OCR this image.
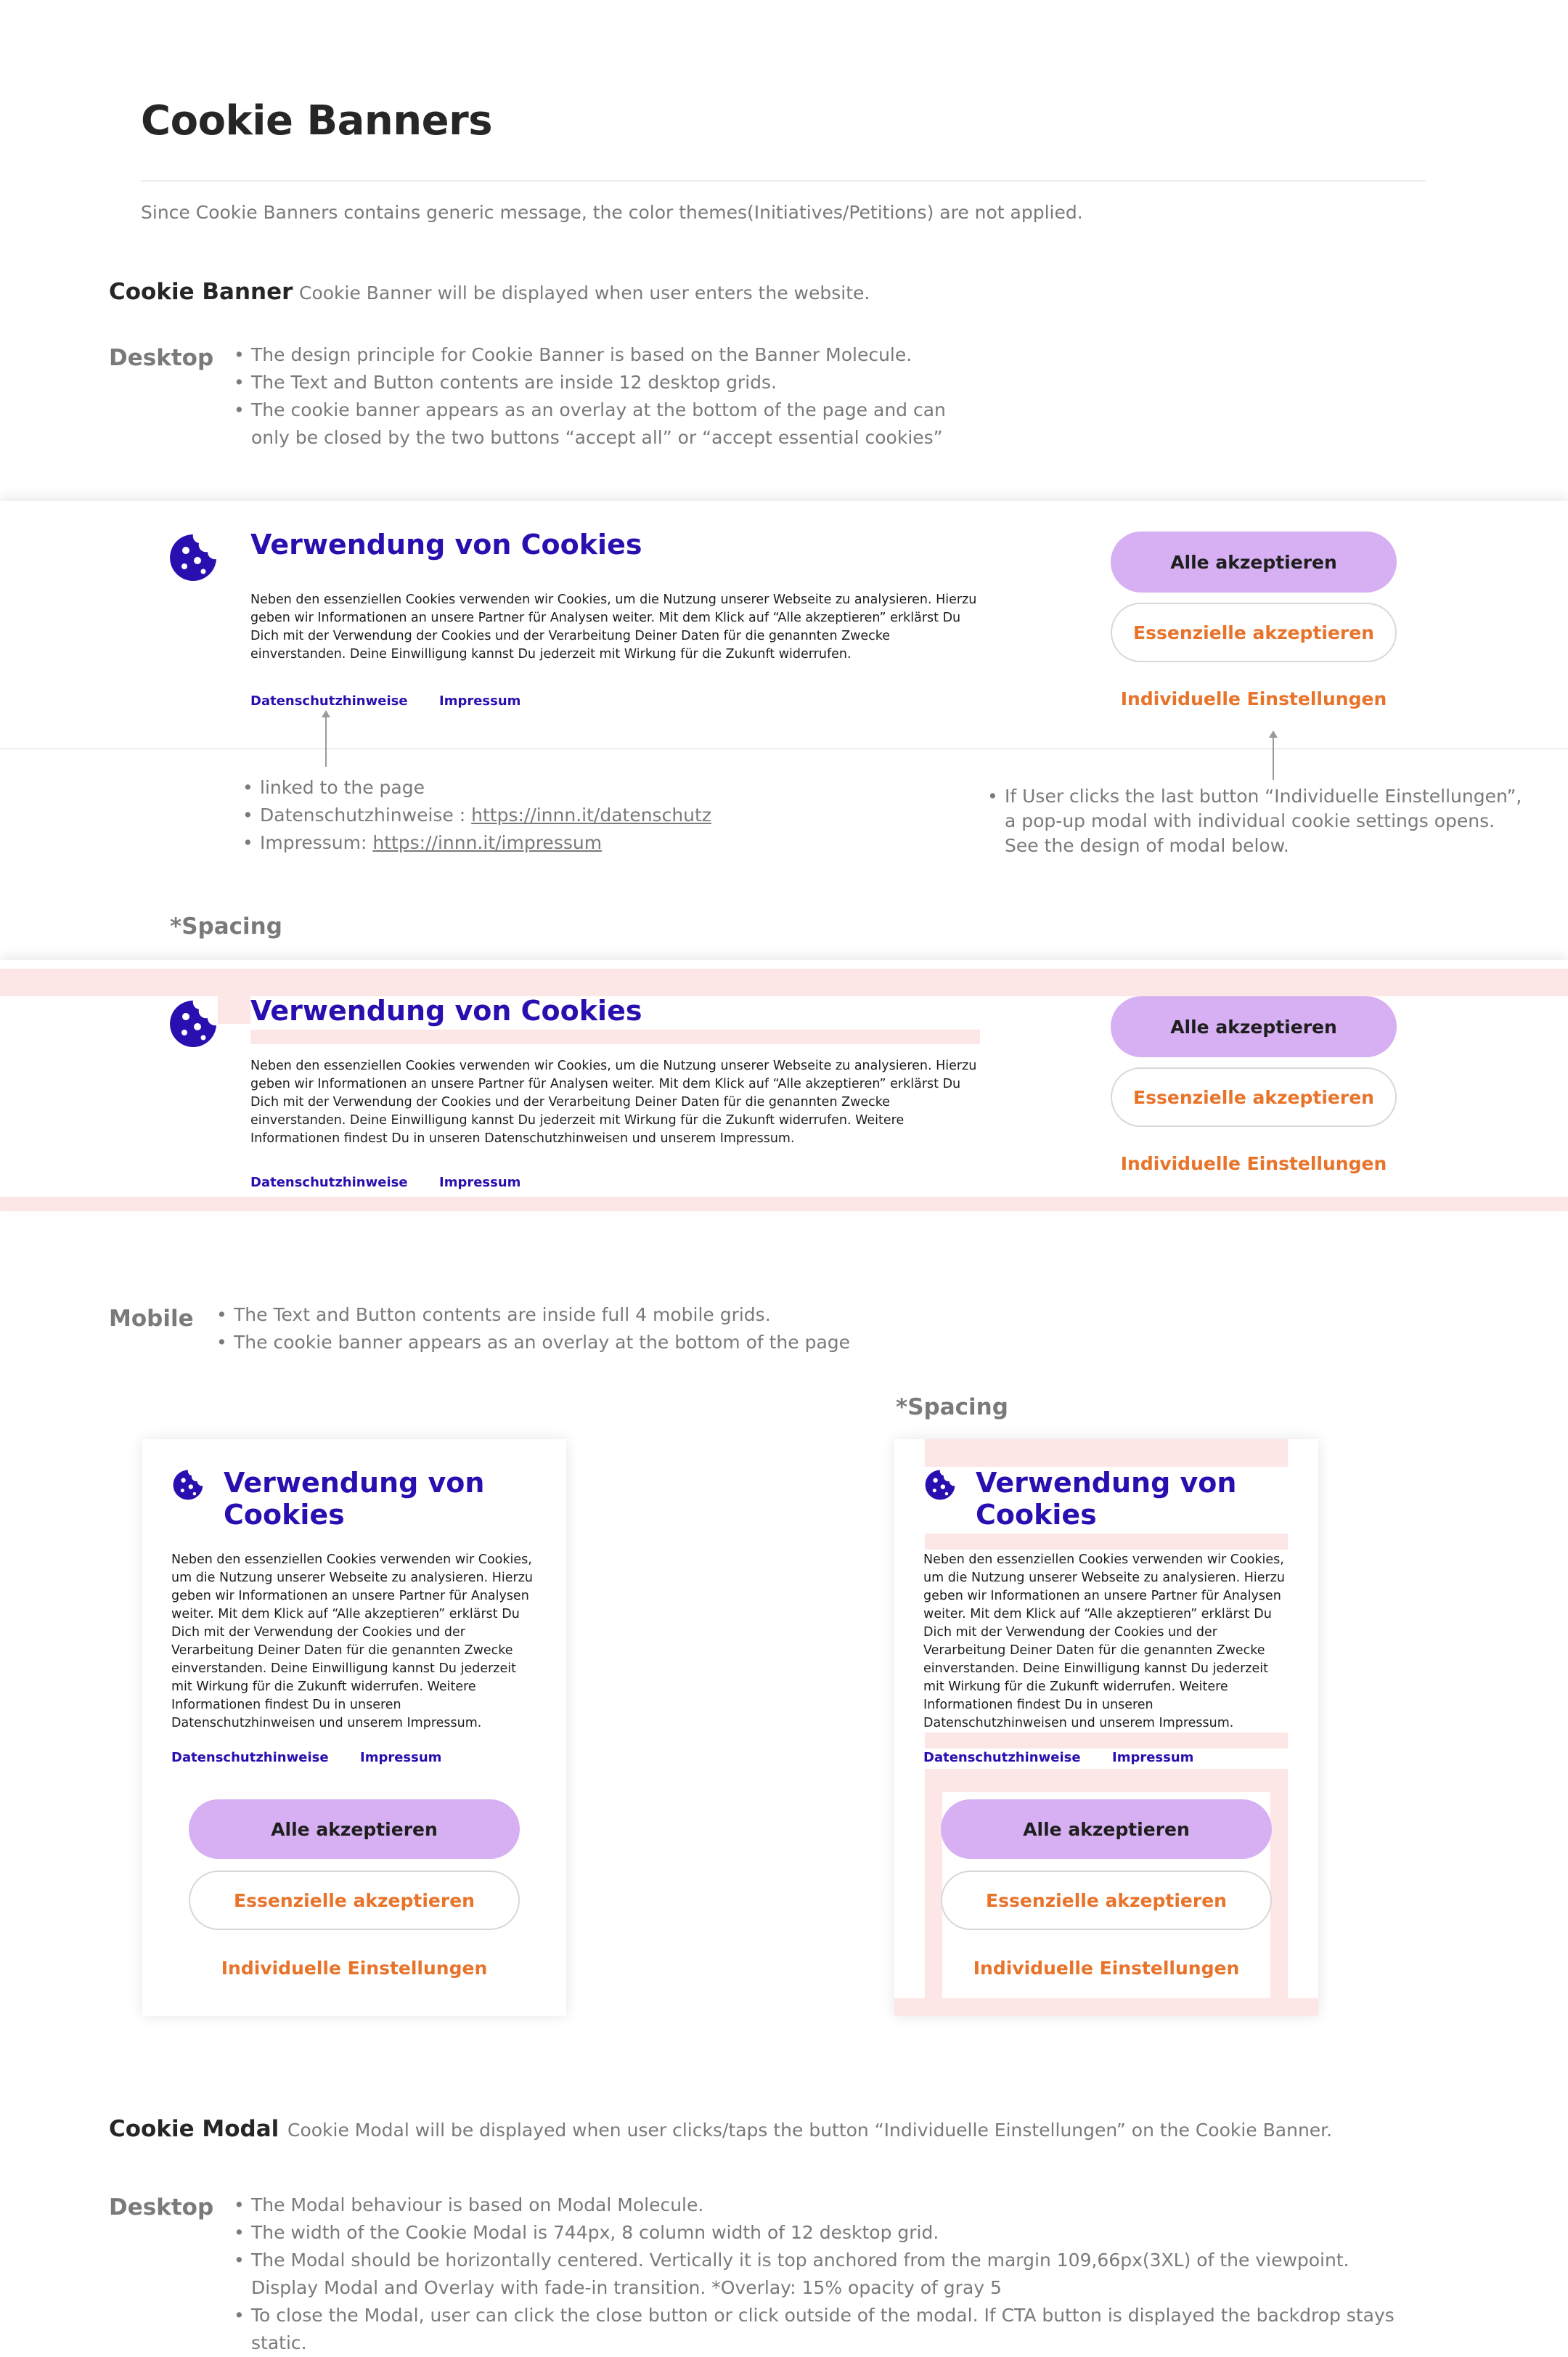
Cookie Banners
Since Cookie Banners contains generic message, the color themes(Initiatives/Petitions) are not applied.
Cookie Banner Cookie Banner will be displayed when user enters the website.
Desktop	• The design principle for Cookie Banner is based on the Banner Molecule.
• The Text and Button contents are inside 12 desktop grids.
• The cookie banner appears as an overlay at the bottom of the page and can
• only be closed by the two buttons “accept all” or “accept essential cookies”
Verwendung von Cookies
Neben den essenziellen Cookies verwenden wir Cookies, um die Nutzung unserer Webseite zu analysieren. Hierzu geben wir Informationen an unsere Partner für Analysen weiter. Mit dem Klick auf “Alle akzeptieren” erklärst Du Dich mit der Verwendung der Cookies und der Verarbeitung Deiner Daten für die genannten Zwecke einverstanden. Deine Einwilligung kannst Du jederzeit mit Wirkung für die Zukunft widerrufen.
Datenschutzhinweise Impressum
Alle akzeptieren
Essenzielle akzeptieren
Individuelle Einstellungen
• linked to the page
• Datenschutzhinweise : https://innn.it/datenschutz
• Impressum: https://innn.it/impressum
• If User clicks the last button “Individuelle Einstellungen”,
• a pop-up modal with individual cookie settings opens.
• See the design of modal below.
*Spacing
Verwendung von Cookies
Neben den essenziellen Cookies verwenden wir Cookies, um die Nutzung unserer Webseite zu analysieren. Hierzu geben wir Informationen an unsere Partner für Analysen weiter. Mit dem Klick auf “Alle akzeptieren” erklärst Du Dich mit der Verwendung der Cookies und der Verarbeitung Deiner Daten für die genannten Zwecke einverstanden. Deine Einwilligung kannst Du jederzeit mit Wirkung für die Zukunft widerrufen. Weitere Informationen findest Du in unseren Datenschutzhinweisen und unserem Impressum.
Datenschutzhinweise Impressum
Alle akzeptieren
Essenzielle akzeptieren
Individuelle Einstellungen
Mobile	• The Text and Button contents are inside full 4 mobile grids.
• The cookie banner appears as an overlay at the bottom of the page
*Spacing
Verwendung von
Cookies
Neben den essenziellen Cookies verwenden wir Cookies,
um die Nutzung unserer Webseite zu analysieren. Hierzu
geben wir Informationen an unsere Partner für Analysen
weiter. Mit dem Klick auf “Alle akzeptieren” erklärst Du
Dich mit der Verwendung der Cookies und der
Verarbeitung Deiner Daten für die genannten Zwecke
einverstanden. Deine Einwilligung kannst Du jederzeit
mit Wirkung für die Zukunft widerrufen. Weitere
Informationen findest Du in unseren
Datenschutzhinweisen und unserem Impressum.
Datenschutzhinweise Impressum
Alle akzeptieren
Essenzielle akzeptieren
Individuelle Einstellungen
Verwendung von
Cookies
Neben den essenziellen Cookies verwenden wir Cookies,
um die Nutzung unserer Webseite zu analysieren. Hierzu
geben wir Informationen an unsere Partner für Analysen
weiter. Mit dem Klick auf “Alle akzeptieren” erklärst Du
Dich mit der Verwendung der Cookies und der
Verarbeitung Deiner Daten für die genannten Zwecke
einverstanden. Deine Einwilligung kannst Du jederzeit
mit Wirkung für die Zukunft widerrufen. Weitere
Informationen findest Du in unseren
Datenschutzhinweisen und unserem Impressum.
Datenschutzhinweise Impressum
Alle akzeptieren
Essenzielle akzeptieren
Individuelle Einstellungen
Cookie Modal Cookie Modal will be displayed when user clicks/taps the button “Individuelle Einstellungen” on the Cookie Banner.
Desktop	• The Modal behaviour is based on Modal Molecule.
• The width of the Cookie Modal is 744px, 8 column width of 12 desktop grid.
• The Modal should be horizontally centered. Vertically it is top anchored from the margin 109,66px(3XL) of the viewpoint.
• Display Modal and Overlay with fade-in transition. *Overlay: 15% opacity of gray 5
• To close the Modal, user can click the close button or click outside of the modal. If CTA button is displayed the backdrop stays
• static.
